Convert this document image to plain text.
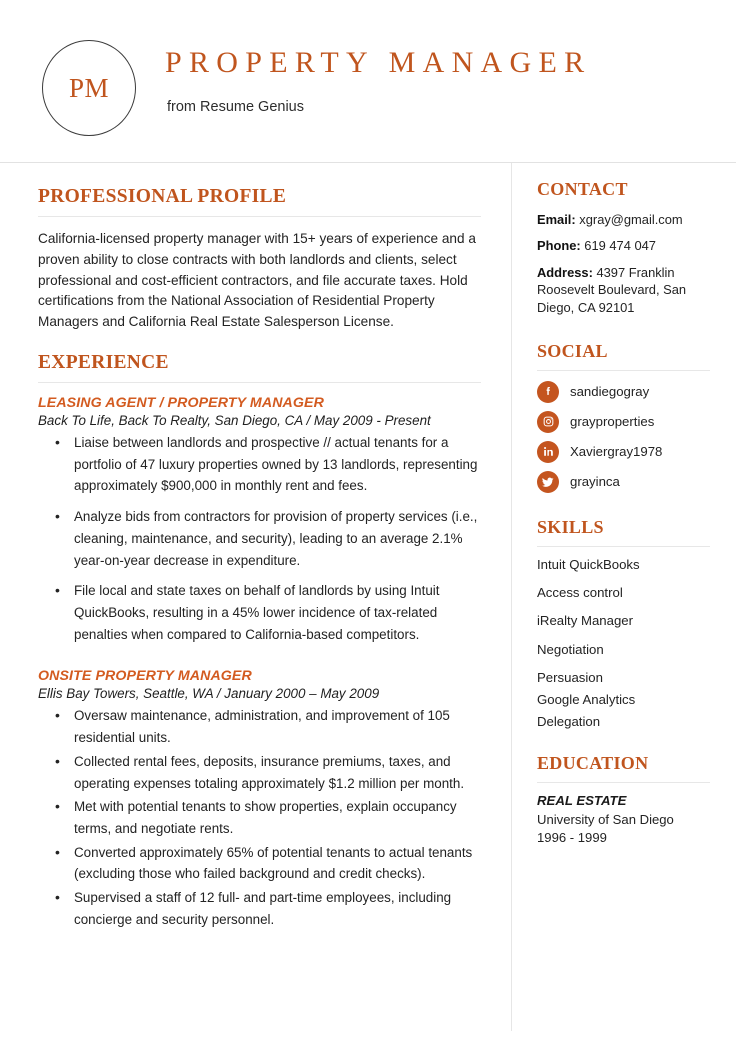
PM
PROPERTY MANAGER
from Resume Genius
PROFESSIONAL PROFILE

California-licensed property manager with 15+ years of experience and a proven ability to close contracts with both landlords and clients, select professional and cost-efficient contractors, and file accurate taxes. Hold certifications from the National Association of Residential Property Managers and California Real Estate Salesperson License.

EXPERIENCE
LEASING AGENT / PROPERTY MANAGER
Back To Life, Back To Realty, San Diego, CA / May 2009 - Present
• Liaise between landlords and prospective // actual tenants for a portfolio of 47 luxury properties owned by 13 landlords, representing approximately $900,000 in monthly rent and fees.
• Analyze bids from contractors for provision of property services (i.e., cleaning, maintenance, and security), leading to an average 2.1% year-on-year decrease in expenditure.
• File local and state taxes on behalf of landlords by using Intuit QuickBooks, resulting in a 45% lower incidence of tax-related penalties when compared to California-based competitors.
ONSITE PROPERTY MANAGER
Ellis Bay Towers, Seattle, WA / January 2000 – May 2009
• Oversaw maintenance, administration, and improvement of 105 residential units.
• Collected rental fees, deposits, insurance premiums, taxes, and operating expenses totaling approximately $1.2 million per month.
• Met with potential tenants to show properties, explain occupancy terms, and negotiate rents.
• Converted approximately 65% of potential tenants to actual tenants (excluding those who failed background and credit checks).
• Supervised a staff of 12 full- and part-time employees, including concierge and security personnel.
CONTACT

Email: xgray@gmail.com

Phone: 619 474 047

Address: 4397 Franklin Roosevelt Boulevard, San Diego, CA 92101

SOCIAL
sandiegogray
grayproperties
Xaviergray1978
grayinca
SKILLS
Intuit QuickBooks
Access control
iRealty Manager
Negotiation
Persuasion
Google Analytics
Delegation
EDUCATION
REAL ESTATE

University of San Diego

1996 - 1999
